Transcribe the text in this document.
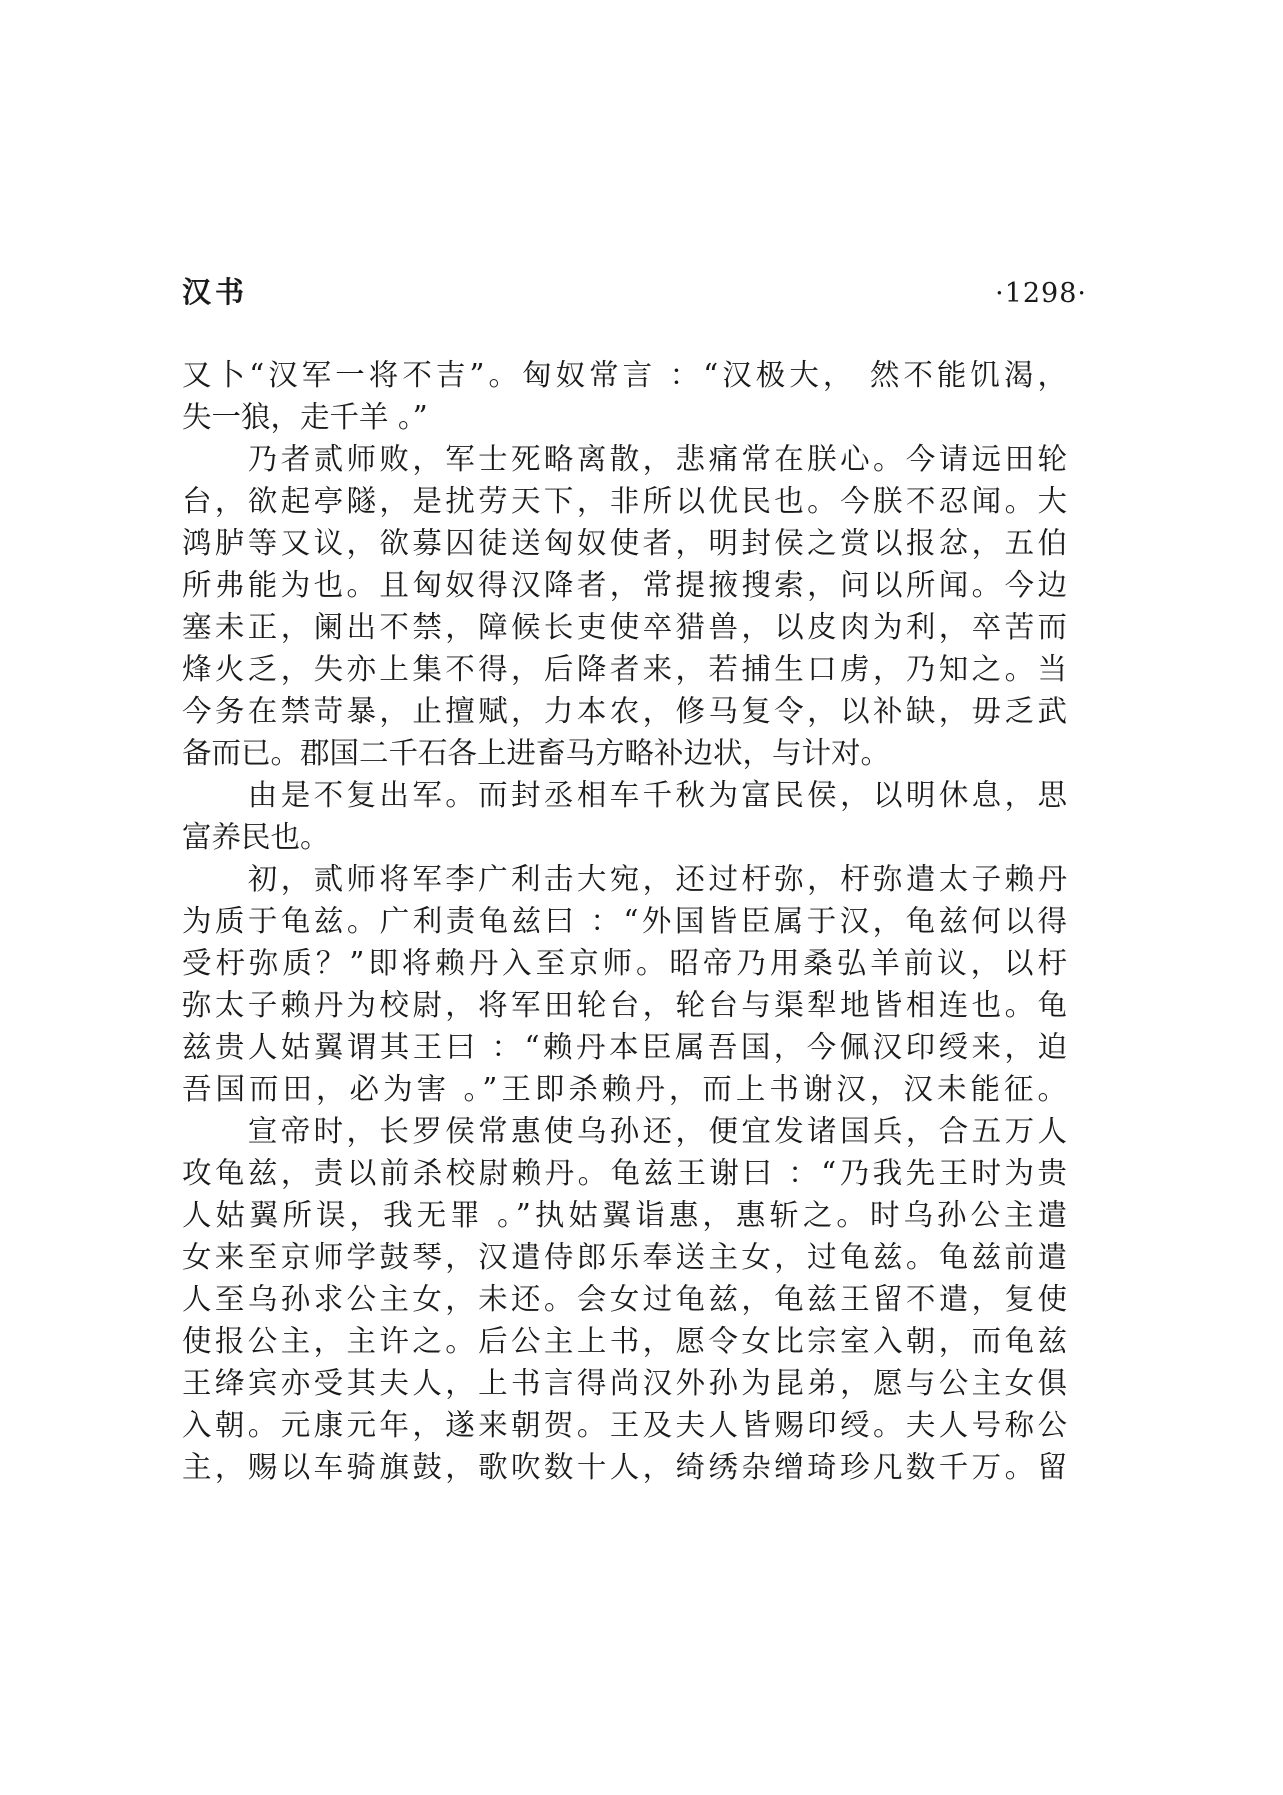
汉书	·1298·
又卜“汉军一将不吉”。匈奴常言 ：“汉极大， 然不能饥渴，
失一狼，走千羊 。”
　　乃者贰师败，军士死略离散，悲痛常在朕心。今请远田轮
台，欲起亭隧，是扰劳天下，非所以优民也。今朕不忍闻。大
鸿胪等又议，欲募囚徒送匈奴使者，明封侯之赏以报忿，五伯
所弗能为也。且匈奴得汉降者，常提掖搜索，问以所闻。今边
塞未正，阑出不禁，障候长吏使卒猎兽，以皮肉为利，卒苦而
烽火乏，失亦上集不得，后降者来，若捕生口虏，乃知之。当
今务在禁苛暴，止擅赋，力本农，修马复令，以补缺，毋乏武
备而已。郡国二千石各上进畜马方略补边状，与计对。
　　由是不复出军。而封丞相车千秋为富民侯，以明休息，思
富养民也。
　　初，贰师将军李广利击大宛，还过杅弥，杅弥遣太子赖丹
为质于龟兹。广利责龟兹曰 ：“外国皆臣属于汉，龟兹何以得
受杅弥质？”即将赖丹入至京师。昭帝乃用桑弘羊前议，以杅
弥太子赖丹为校尉，将军田轮台，轮台与渠犁地皆相连也。龟
兹贵人姑翼谓其王曰 ：“赖丹本臣属吾国，今佩汉印绶来，迫
吾国而田，必为害 。”王即杀赖丹，而上书谢汉，汉未能征。
　　宣帝时，长罗侯常惠使乌孙还，便宜发诸国兵，合五万人
攻龟兹，责以前杀校尉赖丹。龟兹王谢曰 ：“乃我先王时为贵
人姑翼所误，我无罪 。”执姑翼诣惠，惠斩之。时乌孙公主遣
女来至京师学鼓琴，汉遣侍郎乐奉送主女，过龟兹。龟兹前遣
人至乌孙求公主女，未还。会女过龟兹，龟兹王留不遣，复使
使报公主，主许之。后公主上书，愿令女比宗室入朝，而龟兹
王绛宾亦受其夫人，上书言得尚汉外孙为昆弟，愿与公主女俱
入朝。元康元年，遂来朝贺。王及夫人皆赐印绶。夫人号称公
主，赐以车骑旗鼓，歌吹数十人，绮绣杂缯琦珍凡数千万。留
